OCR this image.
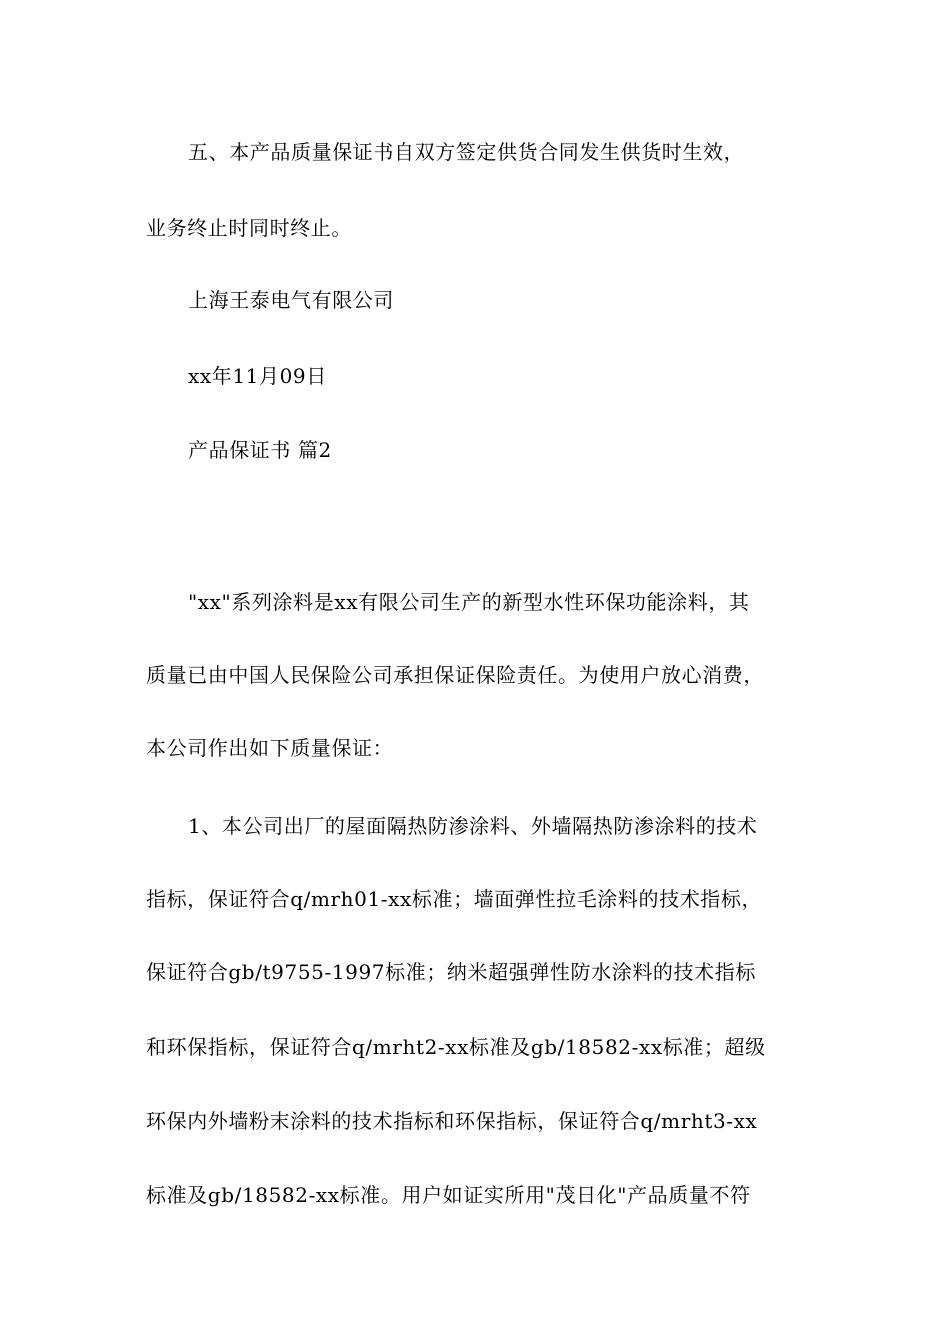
五、本产品质量保证书自双方签定供货合同发生供货时生效，
业务终止时同时终止。
上海王泰电气有限公司
xx年11月09日
产品保证书 篇2
"xx"系列涂料是xx有限公司生产的新型水性环保功能涂料，其
质量已由中国人民保险公司承担保证保险责任。为使用户放心消费，
本公司作出如下质量保证：
1、本公司出厂的屋面隔热防渗涂料、外墙隔热防渗涂料的技术
指标，保证符合q/mrh01-xx标准；墙面弹性拉毛涂料的技术指标，
保证符合gb/t9755-1997标准；纳米超强弹性防水涂料的技术指标
和环保指标，保证符合q/mrht2-xx标准及gb/18582-xx标准；超级
环保内外墙粉末涂料的技术指标和环保指标，保证符合q/mrht3-xx
标准及gb/18582-xx标准。用户如证实所用"茂日化"产品质量不符
